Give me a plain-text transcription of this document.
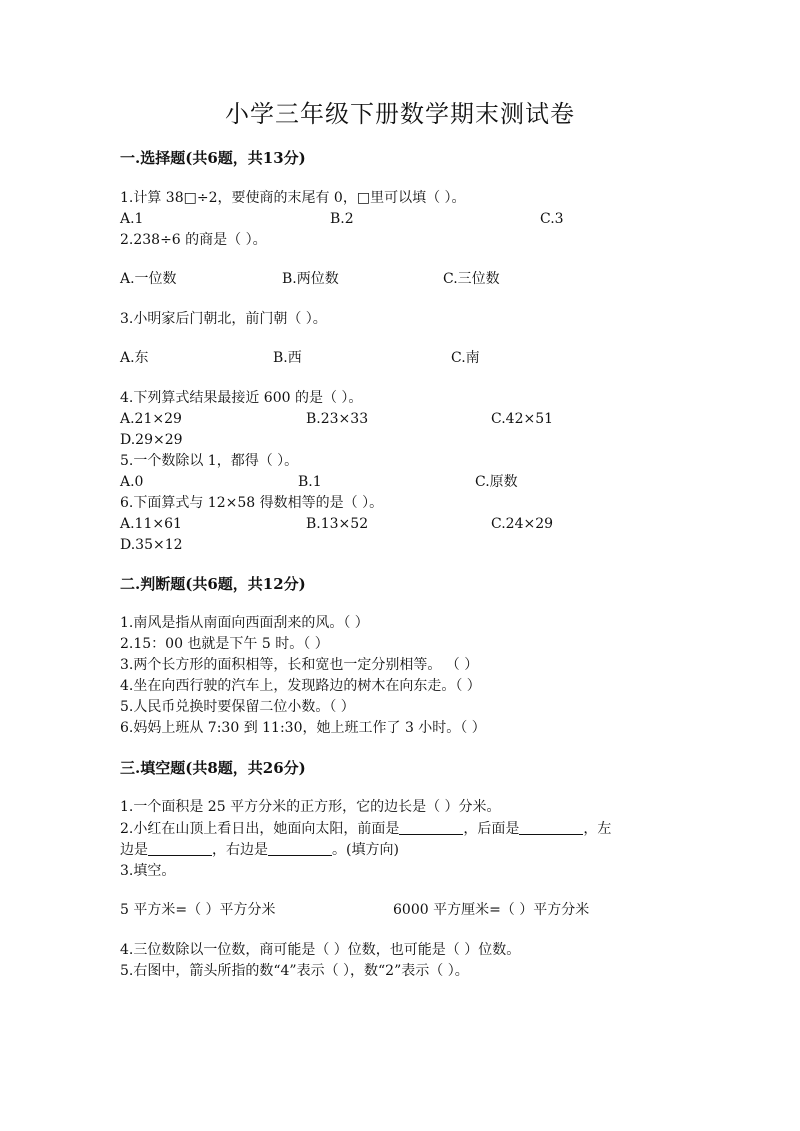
小学三年级下册数学期末测试卷
一.选择题(共6题，共13分)
1.计算 38□÷2，要使商的末尾有 0，□里可以填（ ）。
A.1	B.2	C.3
2.238÷6 的商是（ ）。
A.一位数	B.两位数	C.三位数
3.小明家后门朝北，前门朝（ ）。
A.东	B.西	C.南
4.下列算式结果最接近 600 的是（ ）。
A.21×29	B.23×33	C.42×51
D.29×29
5.一个数除以 1，都得（ ）。
A.0	B.1	C.原数
6.下面算式与 12×58 得数相等的是（ ）。
A.11×61	B.13×52	C.24×29
D.35×12
二.判断题(共6题，共12分)
1.南风是指从南面向西面刮来的风。（ ）
2.15：00 也就是下午 5 时。（ ）
3.两个长方形的面积相等，长和宽也一定分别相等。 （ ）
4.坐在向西行驶的汽车上，发现路边的树木在向东走。（ ）
5.人民币兑换时要保留二位小数。（ ）
6.妈妈上班从 7:30 到 11:30，她上班工作了 3 小时。（ ）
三.填空题(共8题，共26分)
1.一个面积是 25 平方分米的正方形，它的边长是（ ）分米。
2.小红在山顶上看日出，她面向太阳，前面是	，后面是	，左
边是	，右边是	。(填方向)
3.填空。
5 平方米=（ ）平方分米	6000 平方厘米=（ ）平方分米
4.三位数除以一位数，商可能是（ ）位数，也可能是（ ）位数。
5.右图中，箭头所指的数“4”表示（ ），数“2”表示（ ）。
